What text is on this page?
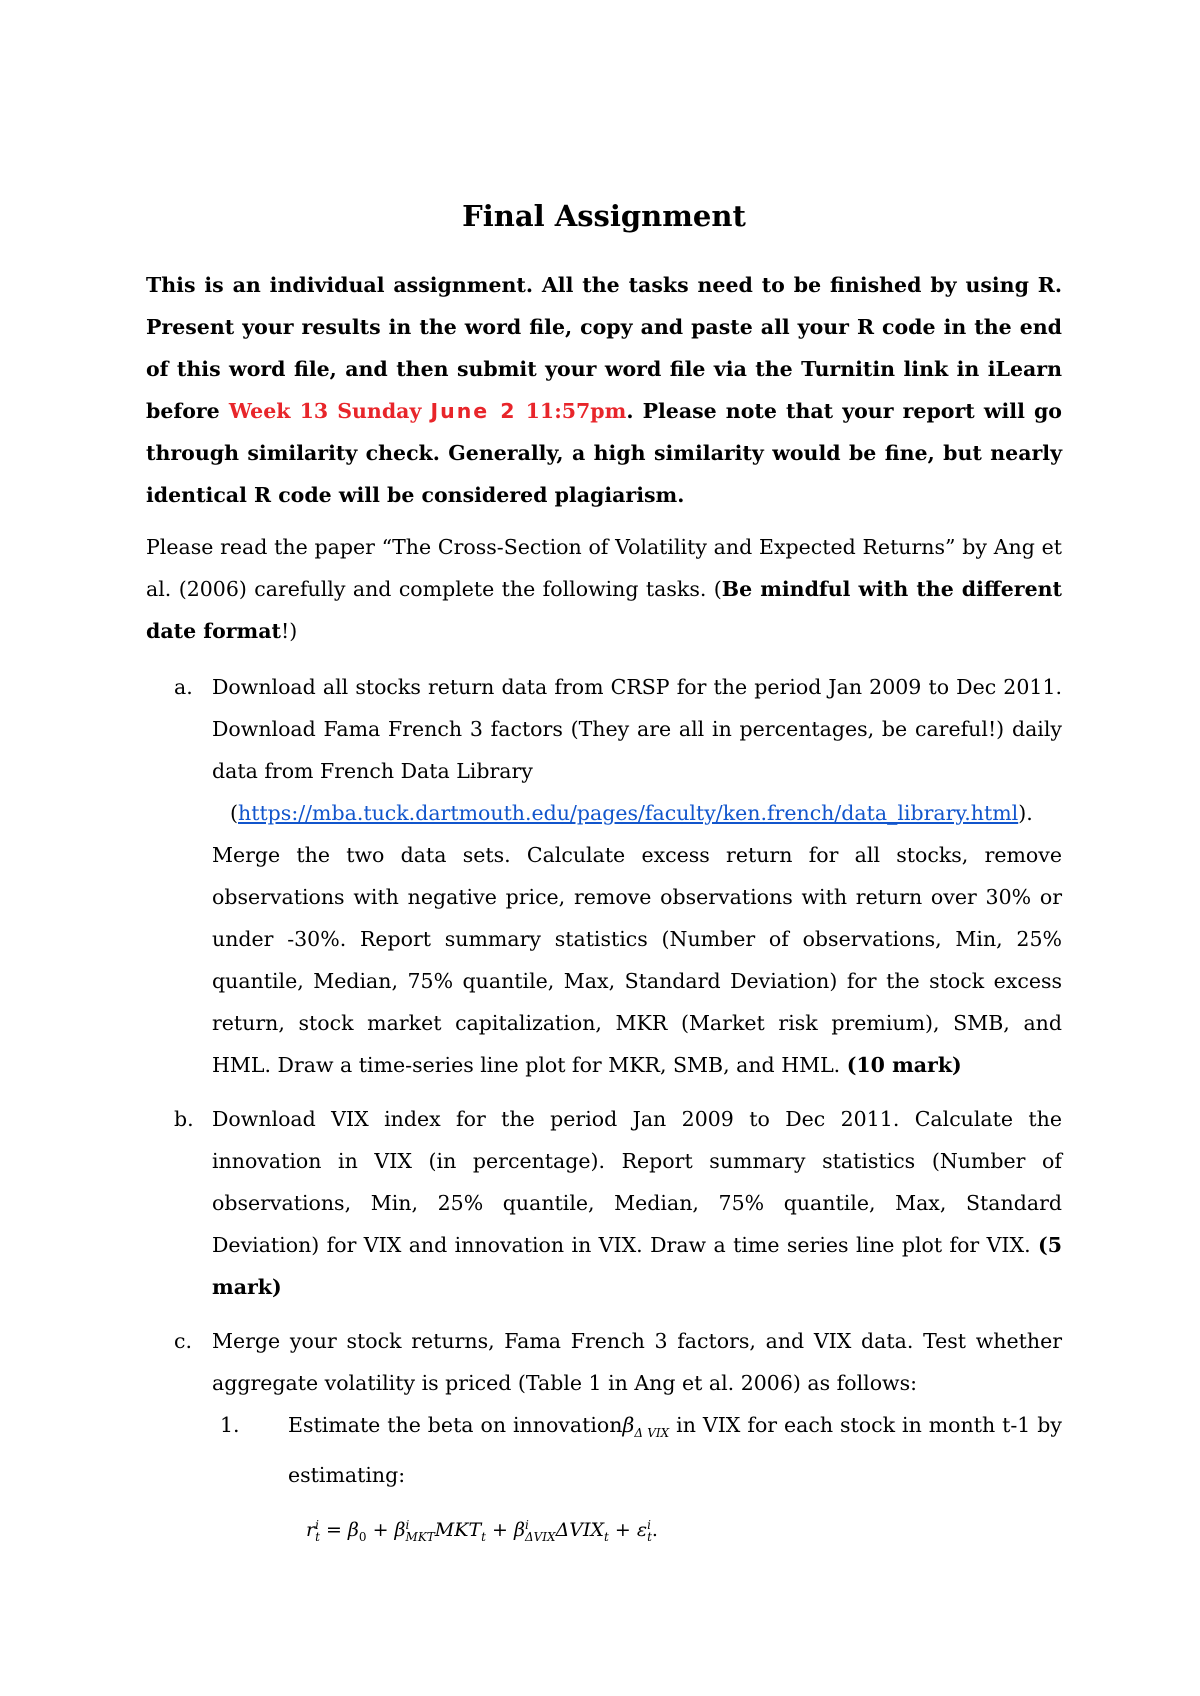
Final Assignment

This is an individual assignment. All the tasks need to be finished by using R. Present your results in the word file, copy and paste all your R code in the end of this word file, and then submit your word file via the Turnitin link in iLearn before Week 13 Sunday June 2 11:57pm. Please note that your report will go through similarity check. Generally, a high similarity would be fine, but nearly identical R code will be considered plagiarism.

Please read the paper “The Cross-Section of Volatility and Expected Returns” by Ang et al. (2006) carefully and complete the following tasks. (Be mindful with the different date format!)

a. Download all stocks return data from CRSP for the period Jan 2009 to Dec 2011. Download Fama French 3 factors (They are all in percentages, be careful!) daily data from French Data Library
(https://mba.tuck.dartmouth.edu/pages/faculty/ken.french/data_library.html). Merge the two data sets. Calculate excess return for all stocks, remove observations with negative price, remove observations with return over 30% or under -30%. Report summary statistics (Number of observations, Min, 25% quantile, Median, 75% quantile, Max, Standard Deviation) for the stock excess return, stock market capitalization, MKR (Market risk premium), SMB, and HML. Draw a time-series line plot for MKR, SMB, and HML. (10 mark)
b. Download VIX index for the period Jan 2009 to Dec 2011. Calculate the innovation in VIX (in percentage). Report summary statistics (Number of observations, Min, 25% quantile, Median, 75% quantile, Max, Standard Deviation) for VIX and innovation in VIX. Draw a time series line plot for VIX. (5 mark)
c. Merge your stock returns, Fama French 3 factors, and VIX data. Test whether aggregate volatility is priced (Table 1 in Ang et al. 2006) as follows:
1. Estimate the beta on innovationβ$_{\Delta VIX}$ in VIX for each stock in month t-1 by estimating:
r i
$t = \beta_0 + \beta$ i
MKT $MKT_t + \beta$ i
ΔVIX $\Delta VIX_t + \varepsilon$ i
t .
